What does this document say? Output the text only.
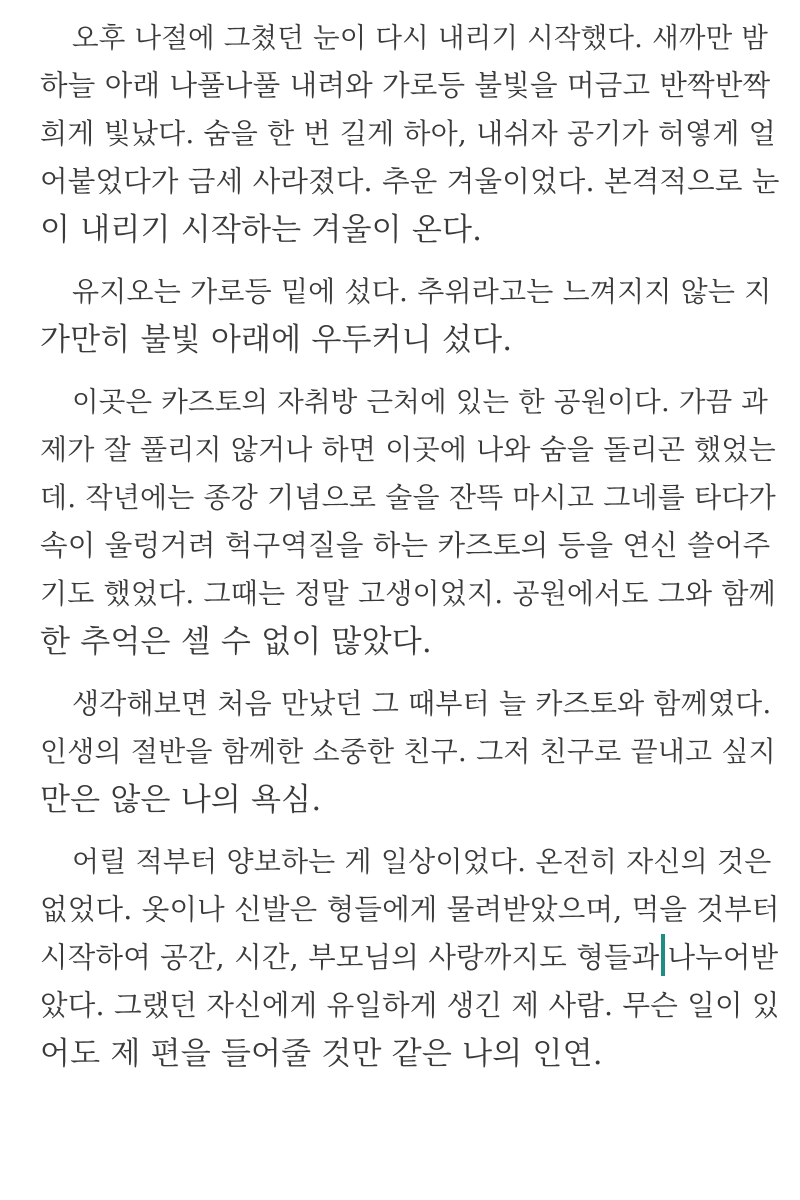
오후 나절에 그쳤던 눈이 다시 내리기 시작했다. 새까만 밤
하늘 아래 나풀나풀 내려와 가로등 불빛을 머금고 반짝반짝
희게 빛났다. 숨을 한 번 길게 하아, 내쉬자 공기가 허옇게 얼
어붙었다가 금세 사라졌다. 추운 겨울이었다. 본격적으로 눈
이 내리기 시작하는 겨울이 온다.
유지오는 가로등 밑에 섰다. 추위라고는 느껴지지 않는 지
가만히 불빛 아래에 우두커니 섰다.
이곳은 카즈토의 자취방 근처에 있는 한 공원이다. 가끔 과
제가 잘 풀리지 않거나 하면 이곳에 나와 숨을 돌리곤 했었는
데. 작년에는 종강 기념으로 술을 잔뜩 마시고 그네를 타다가
속이 울렁거려 헉구역질을 하는 카즈토의 등을 연신 쓸어주
기도 했었다. 그때는 정말 고생이었지. 공원에서도 그와 함께
한 추억은 셀 수 없이 많았다.
생각해보면 처음 만났던 그 때부터 늘 카즈토와 함께였다.
인생의 절반을 함께한 소중한 친구. 그저 친구로 끝내고 싶지
만은 않은 나의 욕심.
어릴 적부터 양보하는 게 일상이었다. 온전히 자신의 것은
없었다. 옷이나 신발은 형들에게 물려받았으며, 먹을 것부터
시작하여 공간, 시간, 부모님의 사랑까지도 형들과 나누어받
았다. 그랬던 자신에게 유일하게 생긴 제 사람. 무슨 일이 있
어도 제 편을 들어줄 것만 같은 나의 인연.
